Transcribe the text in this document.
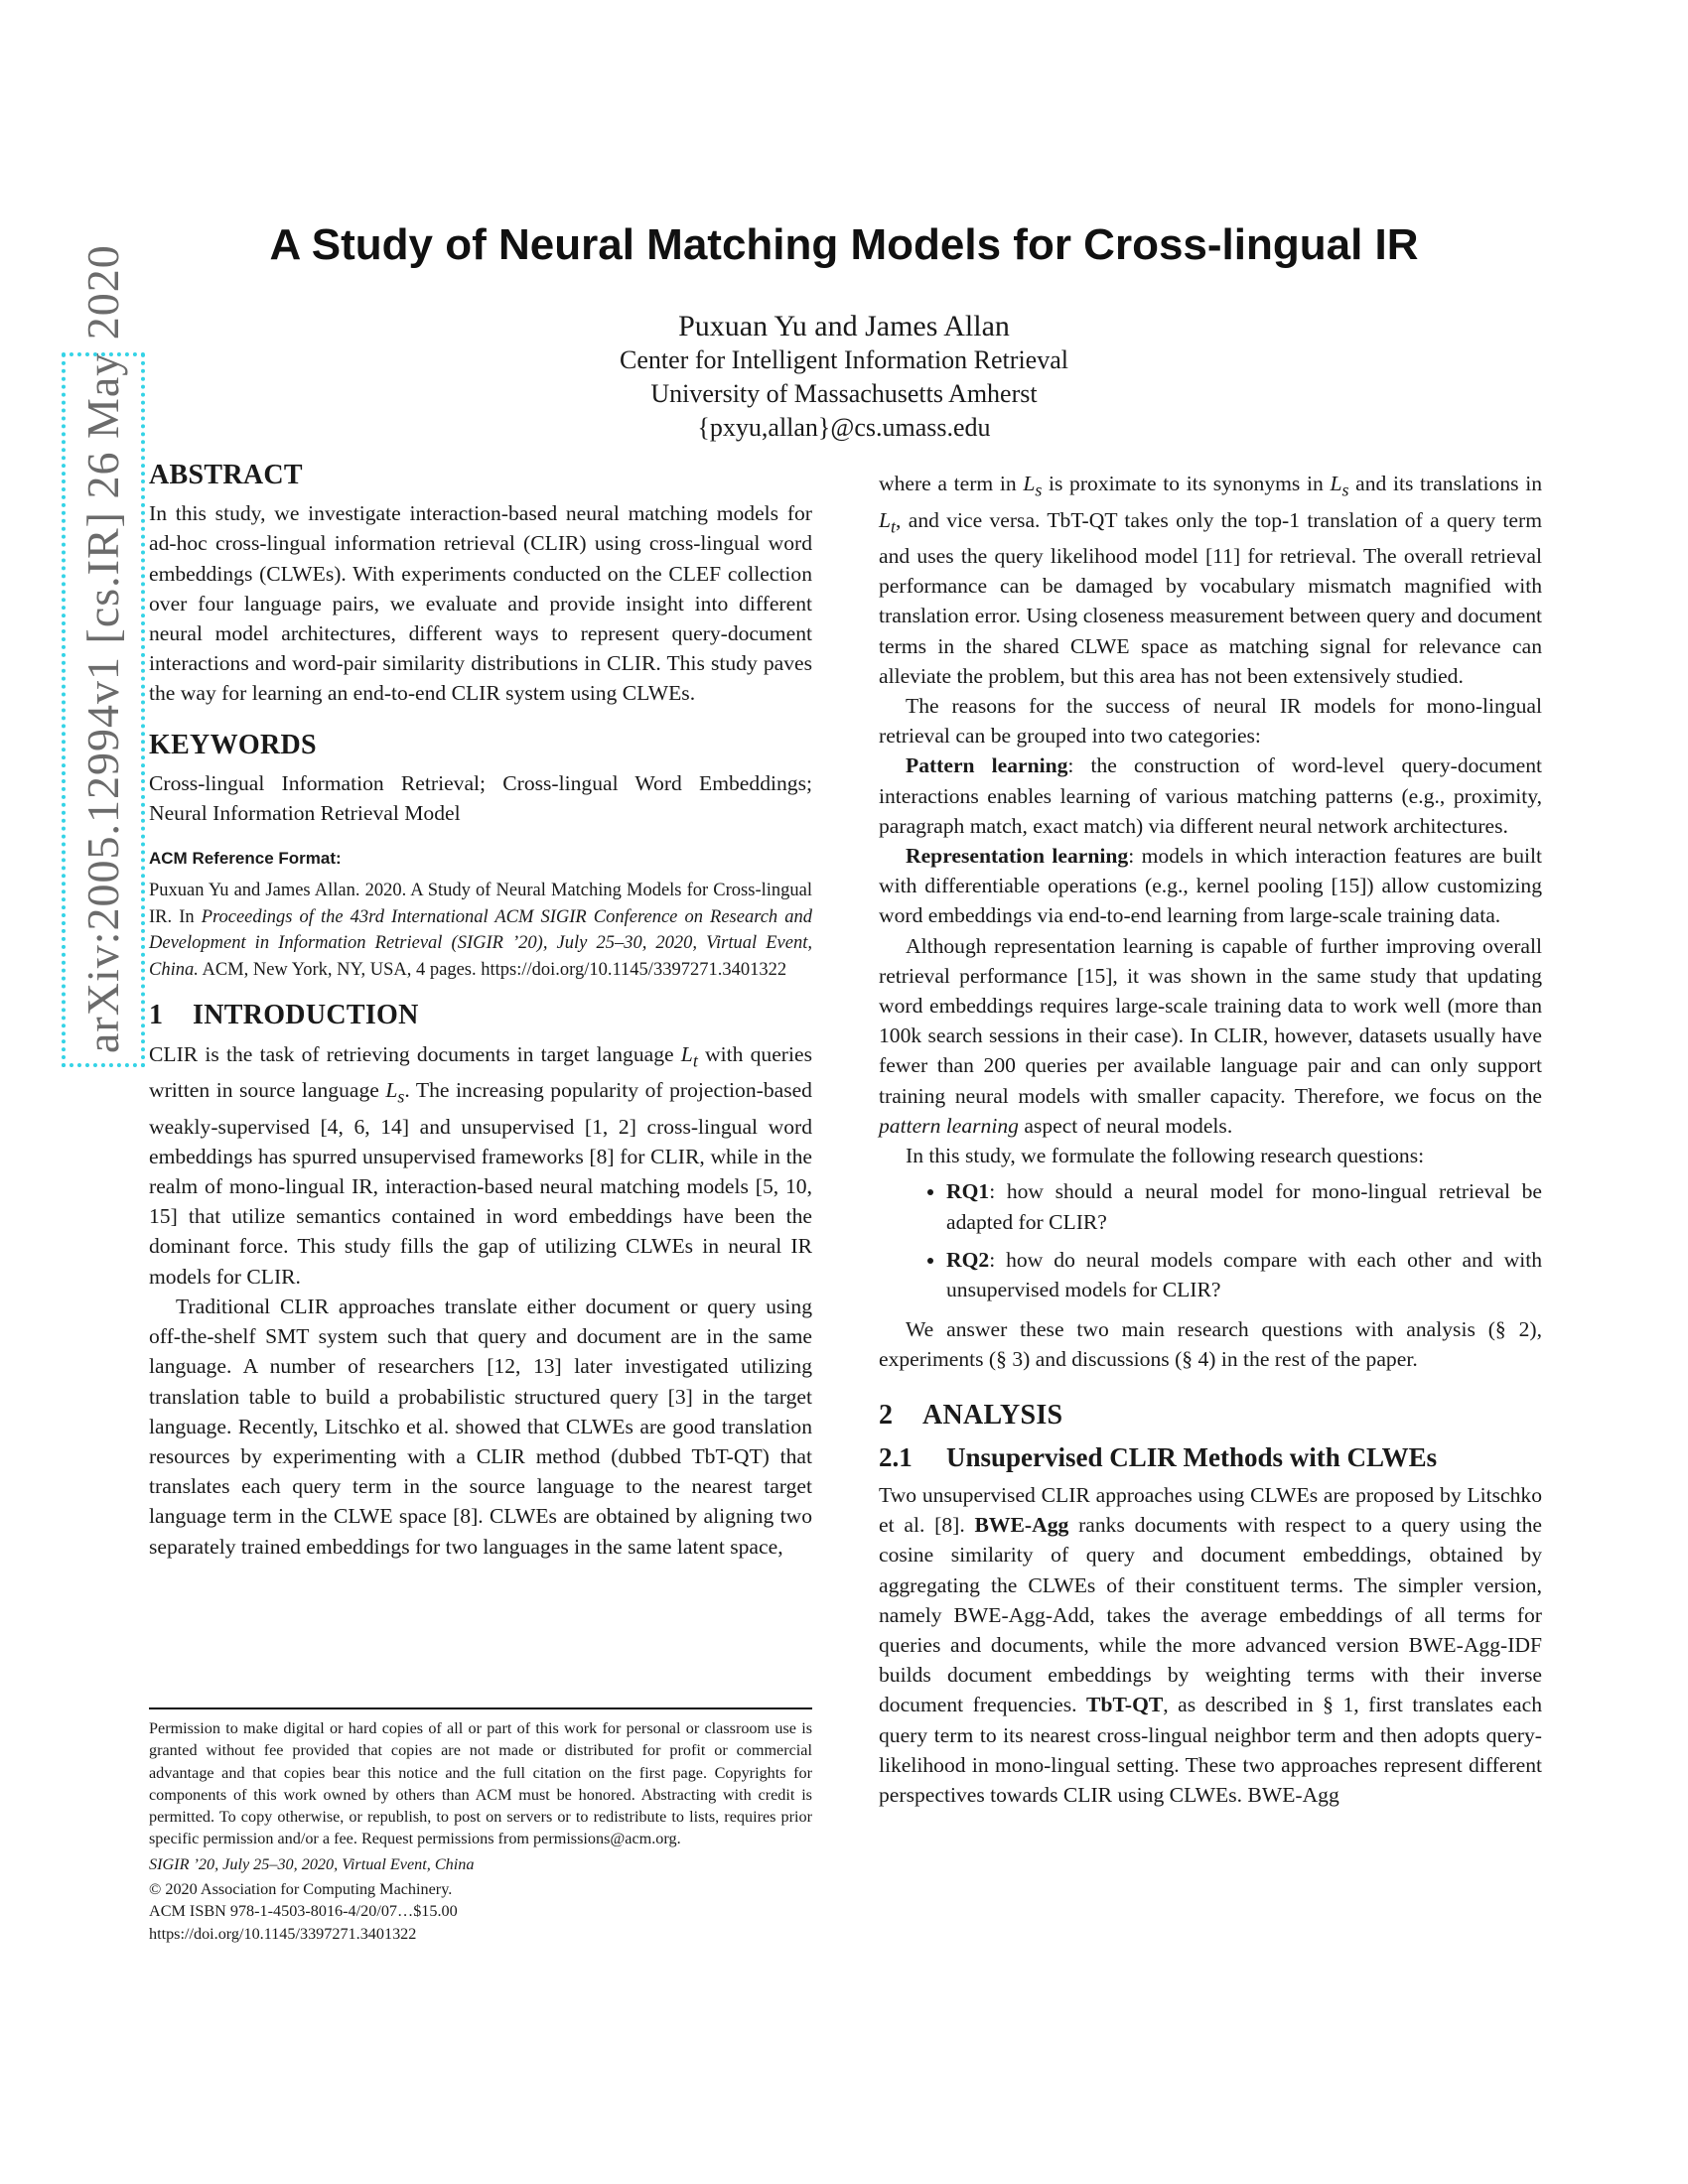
arXiv:2005.12994v1 [cs.IR] 26 May 2020	A Study of Neural Matching Models for Cross-lingual IR
Puxuan Yu and James Allan
Center for Intelligent Information Retrieval
University of Massachusetts Amherst
{pxyu,allan}@cs.umass.edu
ABSTRACT

In this study, we investigate interaction-based neural matching models for ad-hoc cross-lingual information retrieval (CLIR) using cross-lingual word embeddings (CLWEs). With experiments conducted on the CLEF collection over four language pairs, we evaluate and provide insight into different neural model architectures, different ways to represent query-document interactions and word-pair similarity distributions in CLIR. This study paves the way for learning an end-to-end CLIR system using CLWEs.

KEYWORDS

Cross-lingual Information Retrieval; Cross-lingual Word Embeddings; Neural Information Retrieval Model

ACM Reference Format:
Puxuan Yu and James Allan. 2020. A Study of Neural Matching Models for Cross-lingual IR. In Proceedings of the 43rd International ACM SIGIR Conference on Research and Development in Information Retrieval (SIGIR ’20), July 25–30, 2020, Virtual Event, China. ACM, New York, NY, USA, 4 pages. https://doi.org/10.1145/3397271.3401322
1 INTRODUCTION

CLIR is the task of retrieving documents in target language $L_t$ with queries written in source language $L_s$. The increasing popularity of projection-based weakly-supervised [4, 6, 14] and unsupervised [1, 2] cross-lingual word embeddings has spurred unsupervised frameworks [8] for CLIR, while in the realm of mono-lingual IR, interaction-based neural matching models [5, 10, 15] that utilize semantics contained in word embeddings have been the dominant force. This study fills the gap of utilizing CLWEs in neural IR models for CLIR.

Traditional CLIR approaches translate either document or query using off-the-shelf SMT system such that query and document are in the same language. A number of researchers [12, 13] later investigated utilizing translation table to build a probabilistic structured query [3] in the target language. Recently, Litschko et al. showed that CLWEs are good translation resources by experimenting with a CLIR method (dubbed TbT-QT) that translates each query term in the source language to the nearest target language term in the CLWE space [8]. CLWEs are obtained by aligning two separately trained embeddings for two languages in the same latent space,

Permission to make digital or hard copies of all or part of this work for personal or classroom use is granted without fee provided that copies are not made or distributed for profit or commercial advantage and that copies bear this notice and the full citation on the first page. Copyrights for components of this work owned by others than ACM must be honored. Abstracting with credit is permitted. To copy otherwise, or republish, to post on servers or to redistribute to lists, requires prior specific permission and/or a fee. Request permissions from permissions@acm.org.

SIGIR ’20, July 25–30, 2020, Virtual Event, China

© 2020 Association for Computing Machinery.

ACM ISBN 978-1-4503-8016-4/20/07…$15.00

https://doi.org/10.1145/3397271.3401322

where a term in $L_s$ is proximate to its synonyms in $L_s$ and its translations in $L_t$, and vice versa. TbT-QT takes only the top-1 translation of a query term and uses the query likelihood model [11] for retrieval. The overall retrieval performance can be damaged by vocabulary mismatch magnified with translation error. Using closeness measurement between query and document terms in the shared CLWE space as matching signal for relevance can alleviate the problem, but this area has not been extensively studied.

The reasons for the success of neural IR models for mono-lingual retrieval can be grouped into two categories:

Pattern learning: the construction of word-level query-document interactions enables learning of various matching patterns (e.g., proximity, paragraph match, exact match) via different neural network architectures.

Representation learning: models in which interaction features are built with differentiable operations (e.g., kernel pooling [15]) allow customizing word embeddings via end-to-end learning from large-scale training data.

Although representation learning is capable of further improving overall retrieval performance [15], it was shown in the same study that updating word embeddings requires large-scale training data to work well (more than 100k search sessions in their case). In CLIR, however, datasets usually have fewer than 200 queries per available language pair and can only support training neural models with smaller capacity. Therefore, we focus on the pattern learning aspect of neural models.

In this study, we formulate the following research questions:

• RQ1: how should a neural model for mono-lingual retrieval be adapted for CLIR?
• RQ2: how do neural models compare with each other and with unsupervised models for CLIR?

We answer these two main research questions with analysis (§ 2), experiments (§ 3) and discussions (§ 4) in the rest of the paper.

2 ANALYSIS
2.1 Unsupervised CLIR Methods with CLWEs

Two unsupervised CLIR approaches using CLWEs are proposed by Litschko et al. [8]. BWE-Agg ranks documents with respect to a query using the cosine similarity of query and document embeddings, obtained by aggregating the CLWEs of their constituent terms. The simpler version, namely BWE-Agg-Add, takes the average embeddings of all terms for queries and documents, while the more advanced version BWE-Agg-IDF builds document embeddings by weighting terms with their inverse document frequencies. TbT-QT, as described in § 1, first translates each query term to its nearest cross-lingual neighbor term and then adopts query-likelihood in mono-lingual setting. These two approaches represent different perspectives towards CLIR using CLWEs. BWE-Agg
